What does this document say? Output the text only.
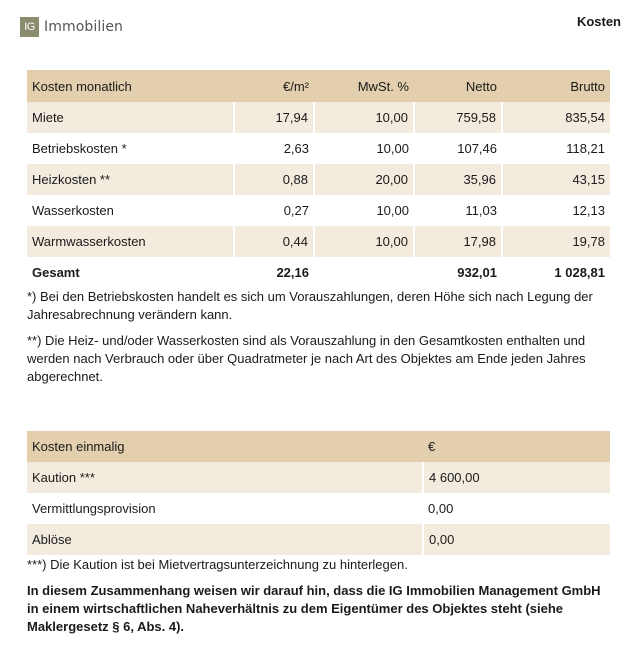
IG Immobilien	Kosten
Kosten monatlich	€/m²	MwSt. %	Netto	Brutto
Miete	17,94	10,00	759,58	835,54
Betriebskosten *	2,63	10,00	107,46	118,21
Heizkosten **	0,88	20,00	35,96	43,15
Wasserkosten	0,27	10,00	11,03	12,13
Warmwasserkosten	0,44	10,00	17,98	19,78
Gesamt	22,16		932,01	1 028,81
*) Bei den Betriebskosten handelt es sich um Vorauszahlungen, deren Höhe sich nach Legung der Jahresabrechnung verändern kann.
**) Die Heiz- und/oder Wasserkosten sind als Vorauszahlung in den Gesamtkosten enthalten und werden nach Verbrauch oder über Quadratmeter je nach Art des Objektes am Ende jeden Jahres abgerechnet.
Kosten einmalig	€
Kaution ***	4 600,00
Vermittlungsprovision	0,00
Ablöse	0,00
***) Die Kaution ist bei Mietvertragsunterzeichnung zu hinterlegen.
In diesem Zusammenhang weisen wir darauf hin, dass die IG Immobilien Management GmbH in einem wirtschaftlichen Naheverhältnis zu dem Eigentümer des Objektes steht (siehe Maklergesetz § 6, Abs. 4).
